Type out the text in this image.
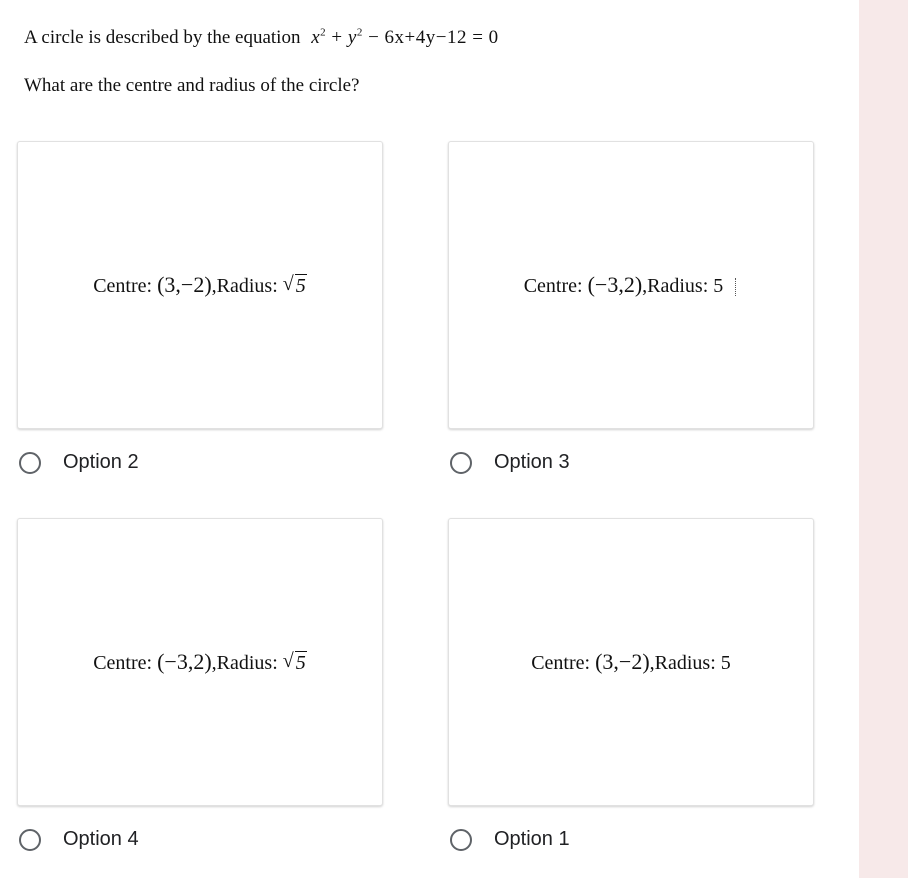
A circle is described by the equation $x^2 + y^2 - 6x+4y-12 = 0$
What are the centre and radius of the circle?
Centre: (3,−2),Radius: √ 5
Option 2
Centre: (−3,2),Radius: 5
Option 3
Centre: (−3,2),Radius: √ 5
Option 4
Centre: (3,−2),Radius: 5
Option 1
